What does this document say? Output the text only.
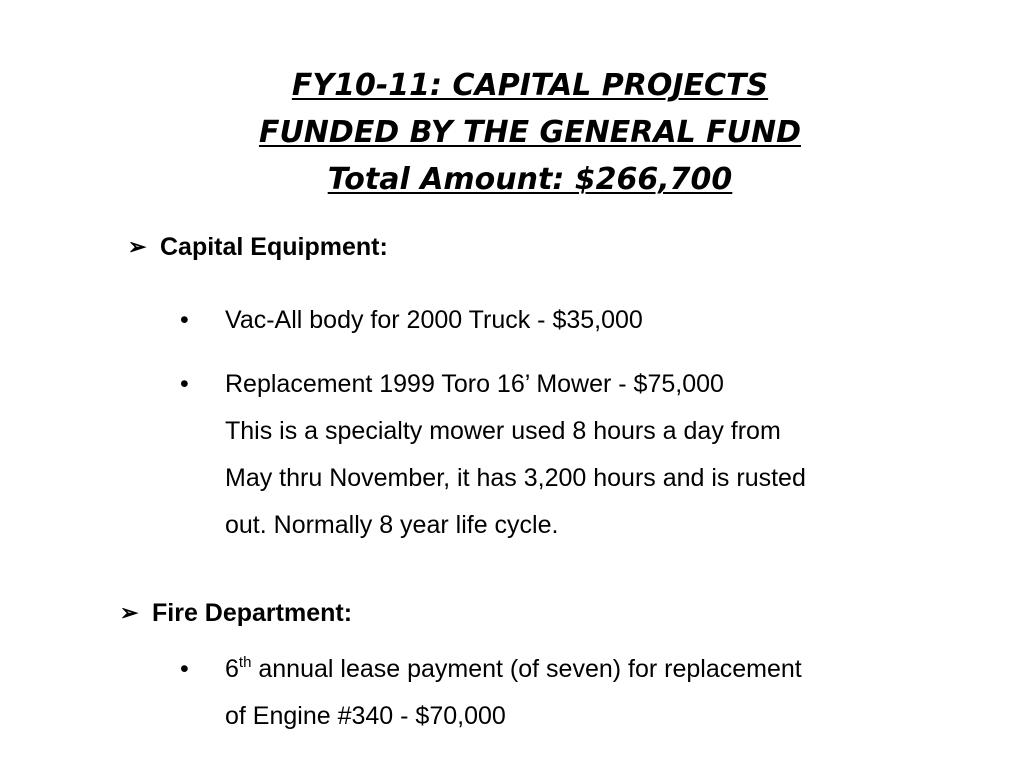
FY10-11: CAPITAL PROJECTS
FUNDED BY THE GENERAL FUND
Total Amount: $266,700
➢ Capital Equipment:
•	Vac-All body for 2000 Truck - $35,000
•	Replacement 1999 Toro 16’ Mower - $75,000
This is a specialty mower used 8 hours a day from
May thru November, it has 3,200 hours and is rusted
out. Normally 8 year life cycle.
➢ Fire Department:
•	6th annual lease payment (of seven) for replacement
of Engine #340 - $70,000
